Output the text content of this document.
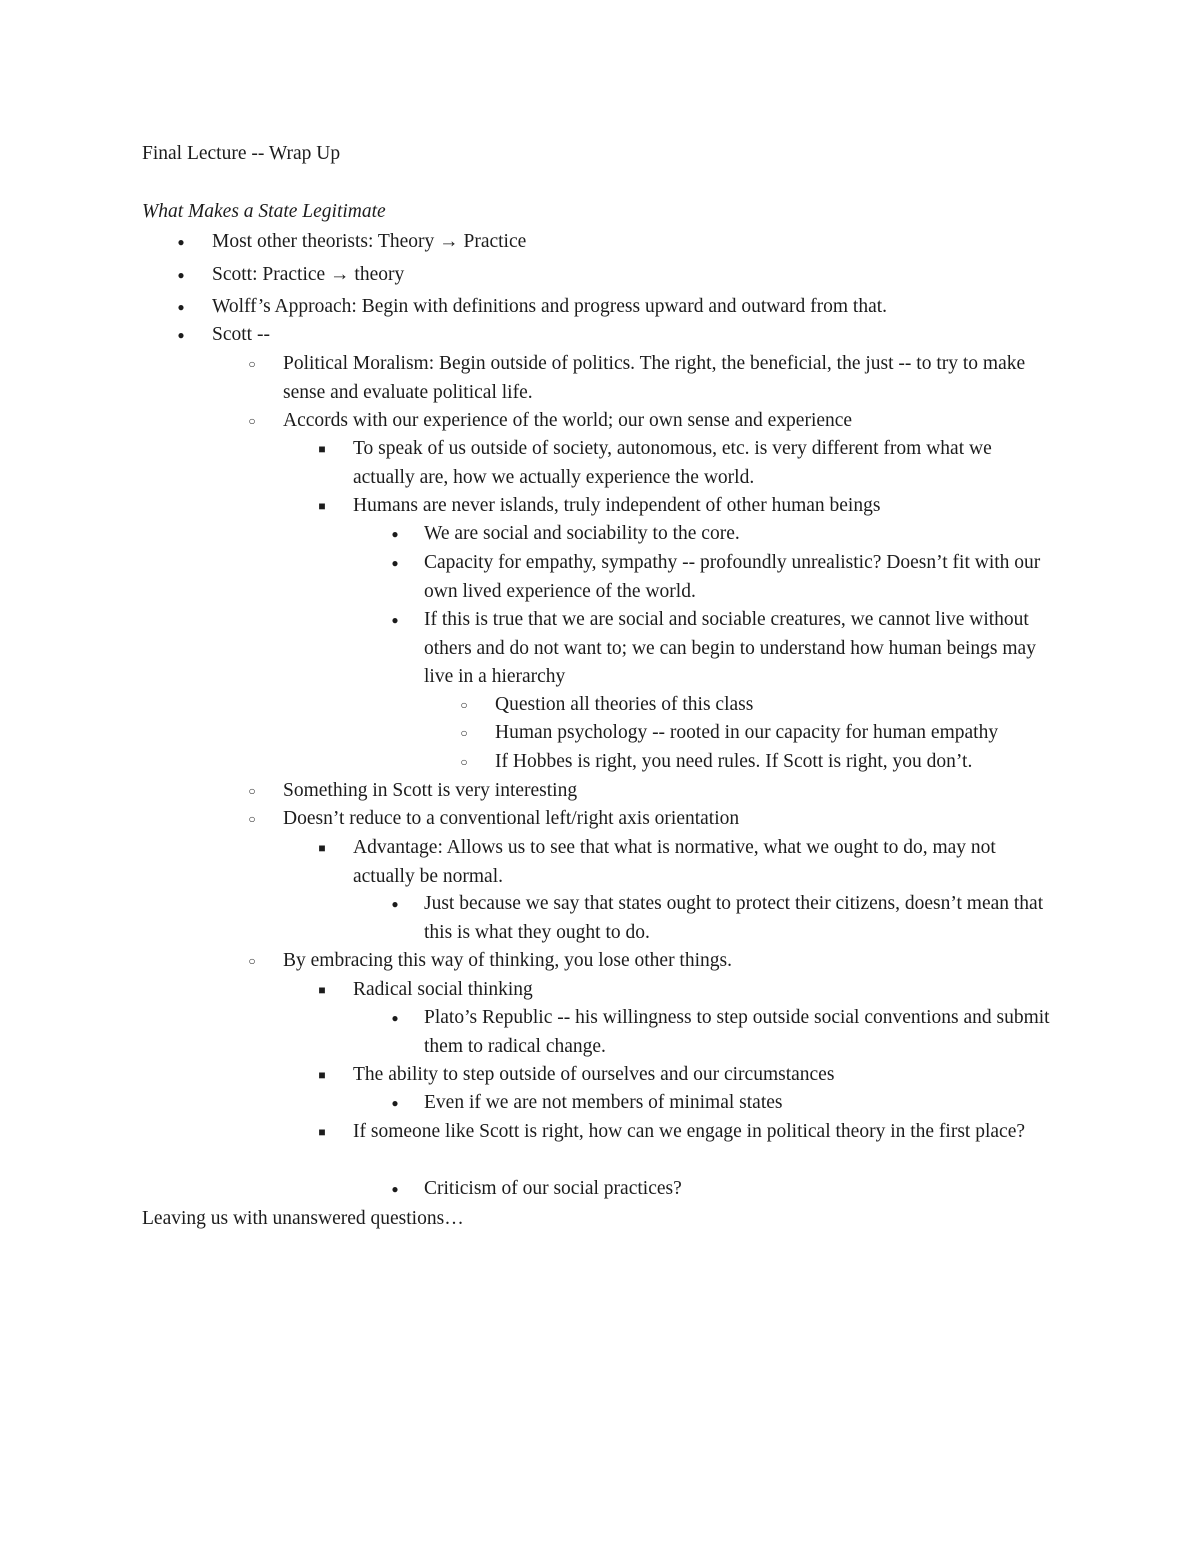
Final Lecture -- Wrap Up
What Makes a State Legitimate
●	Most other theorists: Theory → Practice
●	Scott: Practice → theory
●	Wolff’s Approach: Begin with definitions and progress upward and outward from that.
●	Scott --
○	Political Moralism: Begin outside of politics. The right, the beneficial, the just -- to try to make sense and evaluate political life.
○	Accords with our experience of the world; our own sense and experience
■	To speak of us outside of society, autonomous, etc. is very different from what we actually are, how we actually experience the world.
■	Humans are never islands, truly independent of other human beings
●	We are social and sociability to the core.
●	Capacity for empathy, sympathy -- profoundly unrealistic? Doesn’t fit with our own lived experience of the world.
●	If this is true that we are social and sociable creatures, we cannot live without others and do not want to; we can begin to understand how human beings may live in a hierarchy
○	Question all theories of this class
○	Human psychology -- rooted in our capacity for human empathy
○	If Hobbes is right, you need rules. If Scott is right, you don’t.
○	Something in Scott is very interesting
○	Doesn’t reduce to a conventional left/right axis orientation
■	Advantage: Allows us to see that what is normative, what we ought to do, may not actually be normal.
●	Just because we say that states ought to protect their citizens, doesn’t mean that this is what they ought to do.
○	By embracing this way of thinking, you lose other things.
■	Radical social thinking
●	Plato’s Republic -- his willingness to step outside social conventions and submit them to radical change.
■	The ability to step outside of ourselves and our circumstances
●	Even if we are not members of minimal states
■	If someone like Scott is right, how can we engage in political theory in the first place?
●	Criticism of our social practices?
Leaving us with unanswered questions…
